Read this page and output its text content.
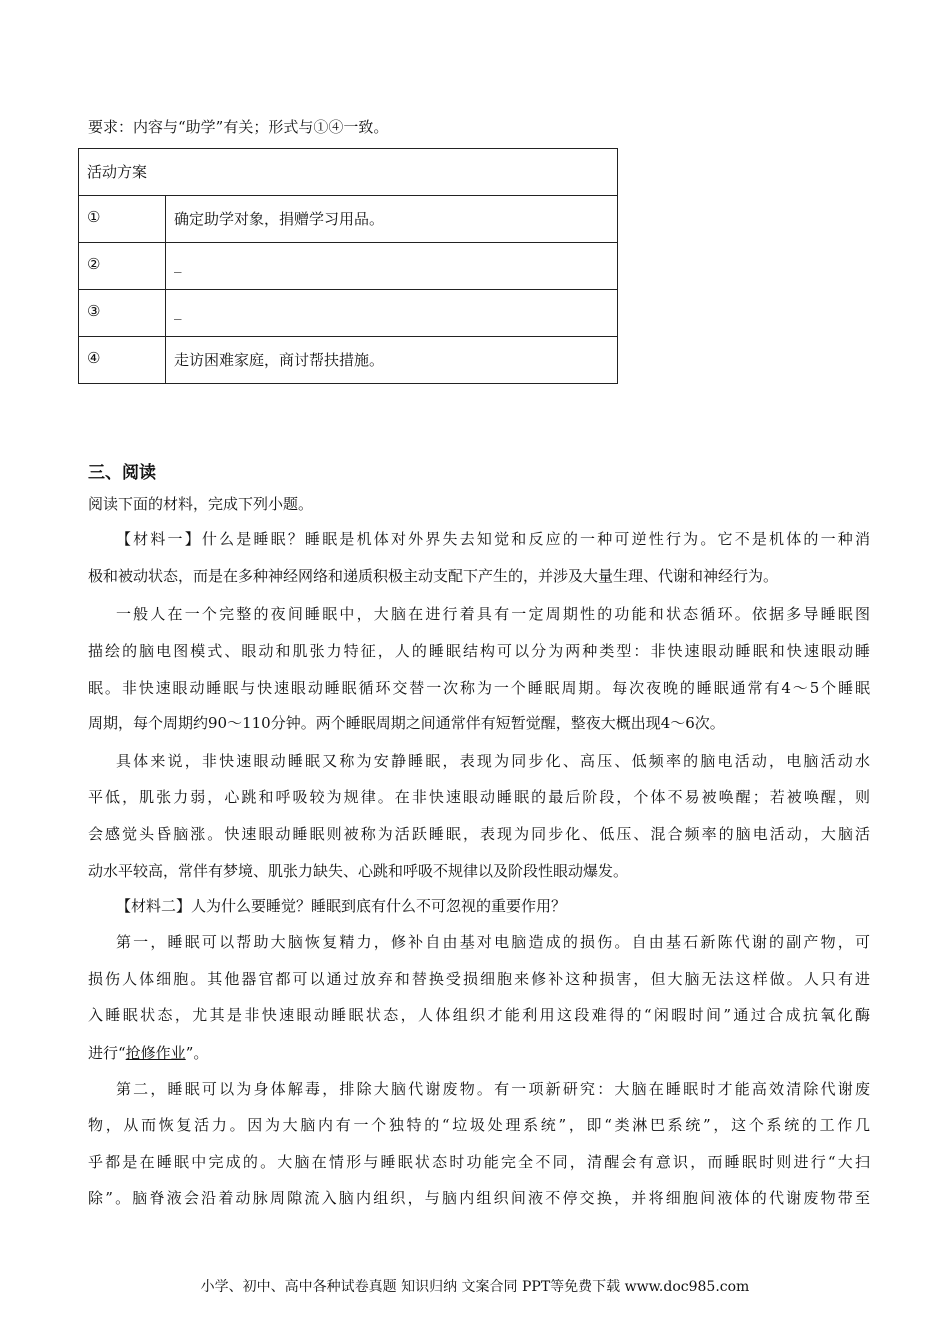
要求：内容与“助学”有关；形式与①④一致。
活动方案	
①	确定助学对象，捐赠学习用品。
②	_
③	_
④	走访困难家庭，商讨帮扶措施。
三、阅读
阅读下面的材料，完成下列小题。
【材料一】什么是睡眠？睡眠是机体对外界失去知觉和反应的一种可逆性行为。它不是机体的一种消
极和被动状态，而是在多种神经网络和递质积极主动支配下产生的，并涉及大量生理、代谢和神经行为。
一般人在一个完整的夜间睡眠中，大脑在进行着具有一定周期性的功能和状态循环。依据多导睡眠图
描绘的脑电图模式、眼动和肌张力特征，人的睡眠结构可以分为两种类型：非快速眼动睡眠和快速眼动睡
眠。非快速眼动睡眠与快速眼动睡眠循环交替一次称为一个睡眠周期。每次夜晚的睡眠通常有4～5个睡眠
周期，每个周期约90～110分钟。两个睡眠周期之间通常伴有短暂觉醒，整夜大概出现4～6次。
具体来说，非快速眼动睡眠又称为安静睡眠，表现为同步化、高压、低频率的脑电活动，电脑活动水
平低，肌张力弱，心跳和呼吸较为规律。在非快速眼动睡眠的最后阶段，个体不易被唤醒；若被唤醒，则
会感觉头昏脑涨。快速眼动睡眠则被称为活跃睡眠，表现为同步化、低压、混合频率的脑电活动，大脑活
动水平较高，常伴有梦境、肌张力缺失、心跳和呼吸不规律以及阶段性眼动爆发。
【材料二】人为什么要睡觉？睡眠到底有什么不可忽视的重要作用？
第一，睡眠可以帮助大脑恢复精力，修补自由基对电脑造成的损伤。自由基石新陈代谢的副产物，可
损伤人体细胞。其他器官都可以通过放弃和替换受损细胞来修补这种损害，但大脑无法这样做。人只有进
入睡眠状态，尤其是非快速眼动睡眠状态，人体组织才能利用这段难得的“闲暇时间”通过合成抗氧化酶
进行“抢修作业”。
第二，睡眠可以为身体解毒，排除大脑代谢废物。有一项新研究：大脑在睡眠时才能高效清除代谢废
物，从而恢复活力。因为大脑内有一个独特的“垃圾处理系统”，即“类淋巴系统”，这个系统的工作几
乎都是在睡眠中完成的。大脑在情形与睡眠状态时功能完全不同，清醒会有意识，而睡眠时则进行“大扫
除”。脑脊液会沿着动脉周隙流入脑内组织，与脑内组织间液不停交换，并将细胞间液体的代谢废物带至
小学、初中、高中各种试卷真题 知识归纳 文案合同 PPT等免费下载 www.doc985.com
